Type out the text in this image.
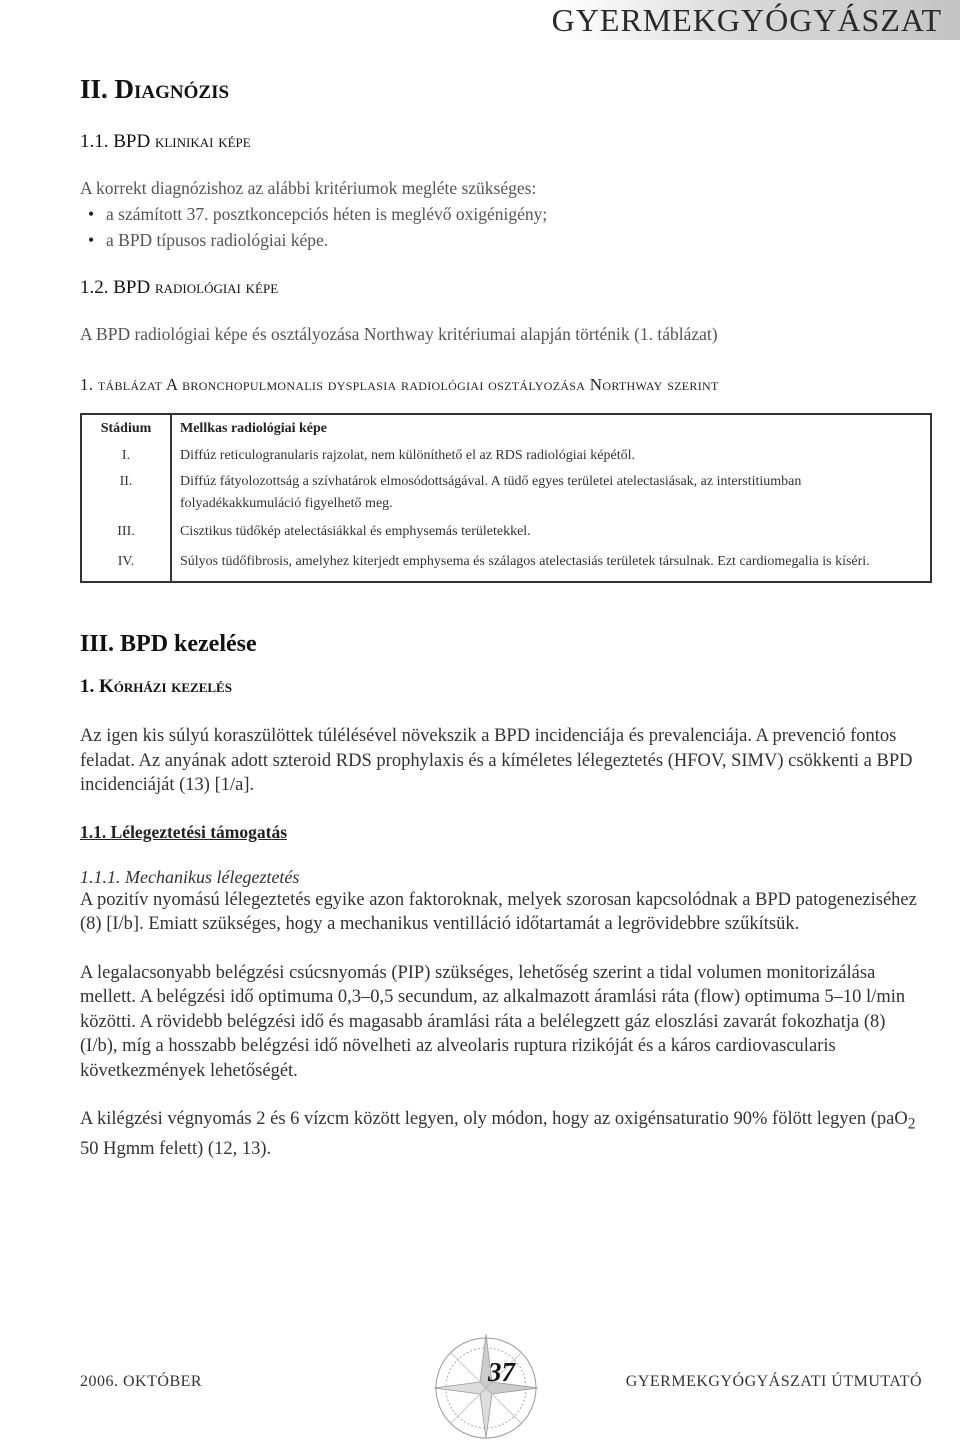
GYERMEKGYÓGYÁSZAT
II. Diagnózis
1.1. BPD klinikai képe

A korrekt diagnózishoz az alábbi kritériumok megléte szükséges:

• a számított 37. posztkoncepciós héten is meglévő oxigénigény;
• a BPD típusos radiológiai képe.
1.2. BPD radiológiai képe

A BPD radiológiai képe és osztályozása Northway kritériumai alapján történik (1. táblázat)

1. táblázat A bronchopulmonalis dysplasia radiológiai osztályozása Northway szerint
Stádium	Mellkas radiológiai képe
I.	Diffúz reticulogranularis rajzolat, nem különíthető el az RDS radiológiai képétől.
II.	Diffúz fátyolozottság a szívhatárok elmosódottságával. A tüdő egyes területei atelectasiásak, az interstitiumban folyadékakkumuláció figyelhető meg.
III.	Cisztikus tüdőkép atelectásiákkal és emphysemás területekkel.
IV.	Súlyos tüdőfibrosis, amelyhez kiterjedt emphysema és szálagos atelectasiás területek társulnak. Ezt cardiomegalia is kíséri.
III. BPD kezelése
1. Kórházi kezelés

Az igen kis súlyú koraszülöttek túlélésével növekszik a BPD incidenciája és prevalenciája. A prevenció fontos feladat. Az anyának adott szteroid RDS prophylaxis és a kíméletes lélegeztetés (HFOV, SIMV) csökkenti a BPD incidenciáját (13) [1/a].

1.1. Lélegeztetési támogatás
1.1.1. Mechanikus lélegeztetés

A pozitív nyomású lélegeztetés egyike azon faktoroknak, melyek szorosan kapcsolódnak a BPD patogeneziséhez (8) [I/b]. Emiatt szükséges, hogy a mechanikus ventilláció időtartamát a legrövidebbre szűkítsük.

A legalacsonyabb belégzési csúcsnyomás (PIP) szükséges, lehetőség szerint a tidal volumen monitorizálása mellett. A belégzési idő optimuma 0,3–0,5 secundum, az alkalmazott áramlási ráta (flow) optimuma 5–10 l/min közötti. A rövidebb belégzési idő és magasabb áramlási ráta a belélegzett gáz eloszlási zavarát fokozhatja (8) (I/b), míg a hosszabb belégzési idő növelheti az alveolaris ruptura rizikóját és a káros cardiovascularis következmények lehetőségét.

A kilégzési végnyomás 2 és 6 vízcm között legyen, oly módon, hogy az oxigénsaturatio 90% fölött legyen (paO$_2$ 50 Hgmm felett) (12, 13).

37
2006. OKTÓBER	GYERMEKGYÓGYÁSZATI ÚTMUTATÓ
